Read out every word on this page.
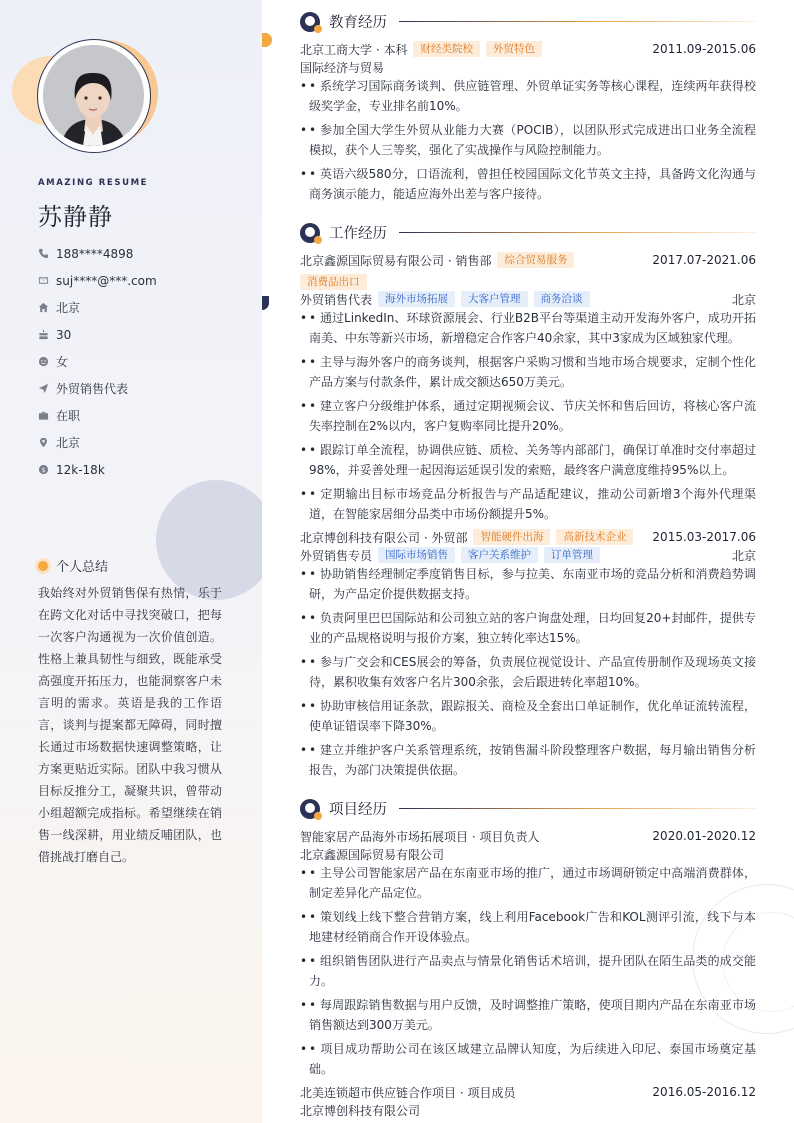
AMAZING RESUME
苏静静
188****4898
suj****@***.com
北京
30
女
外贸销售代表
在职
北京
$ 12k-18k
个人总结
我始终对外贸销售保有热情，乐于在跨文化对话中寻找突破口，把每一次客户沟通视为一次价值创造。性格上兼具韧性与细致，既能承受高强度开拓压力，也能洞察客户未言明的需求。英语是我的工作语言，谈判与提案都无障碍，同时擅长通过市场数据快速调整策略，让方案更贴近实际。团队中我习惯从目标反推分工，凝聚共识，曾带动小组超额完成指标。希望继续在销售一线深耕，用业绩反哺团队，也借挑战打磨自己。
教育经历
北京工商大学 · 本科	财经类院校	外贸特色	2011.09-2015.06
国际经济与贸易
• • 系统学习国际商务谈判、供应链管理、外贸单证实务等核心课程，连续两年获得校级奖学金，专业排名前10%。
• • 参加全国大学生外贸从业能力大赛（POCIB），以团队形式完成进出口业务全流程模拟，获个人三等奖，强化了实战操作与风险控制能力。
• • 英语六级580分，口语流利，曾担任校园国际文化节英文主持，具备跨文化沟通与商务演示能力，能适应海外出差与客户接待。
工作经历
北京鑫源国际贸易有限公司 · 销售部	综合贸易服务	2017.07-2021.06
消费品出口
外贸销售代表	海外市场拓展	大客户管理	商务洽谈	北京
• • 通过LinkedIn、环球资源展会、行业B2B平台等渠道主动开发海外客户，成功开拓南美、中东等新兴市场，新增稳定合作客户40余家，其中3家成为区域独家代理。
• • 主导与海外客户的商务谈判，根据客户采购习惯和当地市场合规要求，定制个性化产品方案与付款条件，累计成交额达650万美元。
• • 建立客户分级维护体系，通过定期视频会议、节庆关怀和售后回访，将核心客户流失率控制在2%以内，客户复购率同比提升20%。
• • 跟踪订单全流程，协调供应链、质检、关务等内部部门，确保订单准时交付率超过98%，并妥善处理一起因海运延误引发的索赔，最终客户满意度维持95%以上。
• • 定期输出目标市场竞品分析报告与产品适配建议，推动公司新增3个海外代理渠道，在智能家居细分品类中市场份额提升5%。
北京博创科技有限公司 · 外贸部	智能硬件出海	高新技术企业	2015.03-2017.06
外贸销售专员	国际市场销售	客户关系维护	订单管理	北京
• • 协助销售经理制定季度销售目标，参与拉美、东南亚市场的竞品分析和消费趋势调研，为产品定价提供数据支持。
• • 负责阿里巴巴国际站和公司独立站的客户询盘处理，日均回复20+封邮件，提供专业的产品规格说明与报价方案，独立转化率达15%。
• • 参与广交会和CES展会的筹备，负责展位视觉设计、产品宣传册制作及现场英文接待，累积收集有效客户名片300余张，会后跟进转化率超10%。
• • 协助审核信用证条款，跟踪报关、商检及全套出口单证制作，优化单证流转流程，使单证错误率下降30%。
• • 建立并维护客户关系管理系统，按销售漏斗阶段整理客户数据，每月输出销售分析报告，为部门决策提供依据。
项目经历
智能家居产品海外市场拓展项目 · 项目负责人	2020.01-2020.12
北京鑫源国际贸易有限公司
• • 主导公司智能家居产品在东南亚市场的推广，通过市场调研锁定中高端消费群体，制定差异化产品定位。
• • 策划线上线下整合营销方案，线上利用Facebook广告和KOL测评引流，线下与本地建材经销商合作开设体验点。
• • 组织销售团队进行产品卖点与情景化销售话术培训，提升团队在陌生品类的成交能力。
• • 每周跟踪销售数据与用户反馈，及时调整推广策略，使项目期内产品在东南亚市场销售额达到300万美元。
• • 项目成功帮助公司在该区域建立品牌认知度，为后续进入印尼、泰国市场奠定基础。
北美连锁超市供应链合作项目 · 项目成员	2016.05-2016.12
北京博创科技有限公司
